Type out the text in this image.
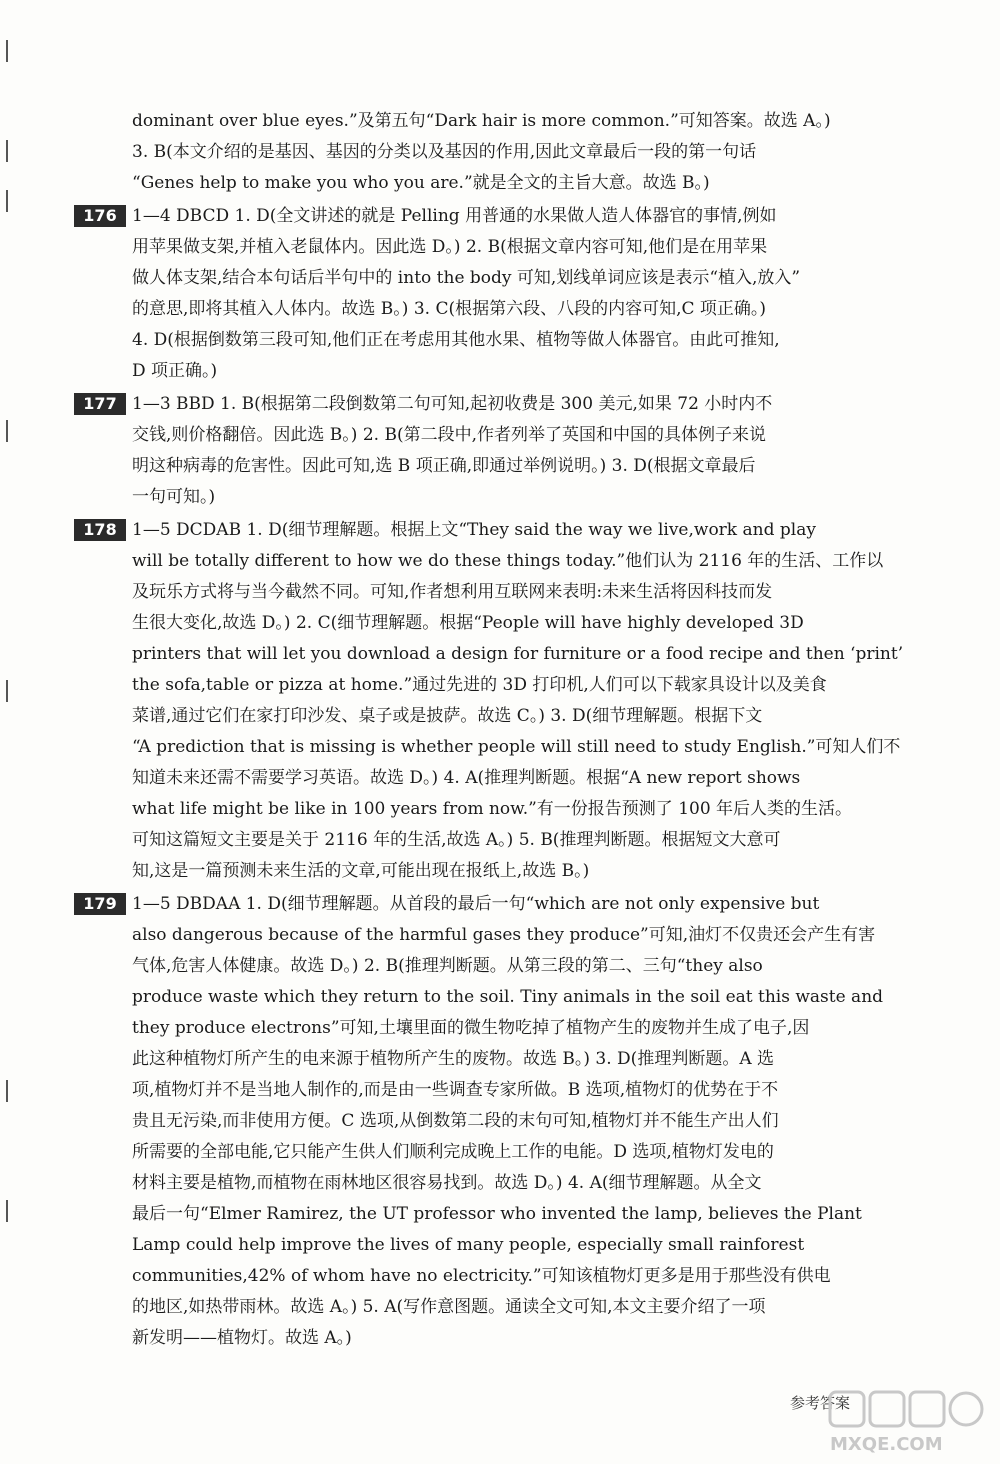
dominant over blue eyes.”及第五句“Dark hair is more common.”可知答案。故选 A。)
3. B(本文介绍的是基因、基因的分类以及基因的作用,因此文章最后一段的第一句话
“Genes help to make you who you are.”就是全文的主旨大意。故选 B。)
176 1—4 DBCD 1. D(全文讲述的就是 Pelling 用普通的水果做人造人体器官的事情,例如
用苹果做支架,并植入老鼠体内。因此选 D。) 2. B(根据文章内容可知,他们是在用苹果
做人体支架,结合本句话后半句中的 into the body 可知,划线单词应该是表示“植入,放入”
的意思,即将其植入人体内。故选 B。) 3. C(根据第六段、八段的内容可知,C 项正确。)
4. D(根据倒数第三段可知,他们正在考虑用其他水果、植物等做人体器官。由此可推知,
D 项正确。)
177 1—3 BBD 1. B(根据第二段倒数第二句可知,起初收费是 300 美元,如果 72 小时内不
交钱,则价格翻倍。因此选 B。) 2. B(第二段中,作者列举了英国和中国的具体例子来说
明这种病毒的危害性。因此可知,选 B 项正确,即通过举例说明。) 3. D(根据文章最后
一句可知。)
178 1—5 DCDAB 1. D(细节理解题。根据上文“They said the way we live,work and play
will be totally different to how we do these things today.”他们认为 2116 年的生活、工作以
及玩乐方式将与当今截然不同。可知,作者想利用互联网来表明:未来生活将因科技而发
生很大变化,故选 D。) 2. C(细节理解题。根据“People will have highly developed 3D
printers that will let you download a design for furniture or a food recipe and then ‘print’
the sofa,table or pizza at home.”通过先进的 3D 打印机,人们可以下载家具设计以及美食
菜谱,通过它们在家打印沙发、桌子或是披萨。故选 C。) 3. D(细节理解题。根据下文
“A prediction that is missing is whether people will still need to study English.”可知人们不
知道未来还需不需要学习英语。故选 D。) 4. A(推理判断题。根据“A new report shows
what life might be like in 100 years from now.”有一份报告预测了 100 年后人类的生活。
可知这篇短文主要是关于 2116 年的生活,故选 A。) 5. B(推理判断题。根据短文大意可
知,这是一篇预测未来生活的文章,可能出现在报纸上,故选 B。)
179 1—5 DBDAA 1. D(细节理解题。从首段的最后一句“which are not only expensive but
also dangerous because of the harmful gases they produce”可知,油灯不仅贵还会产生有害
气体,危害人体健康。故选 D。) 2. B(推理判断题。从第三段的第二、三句“they also
produce waste which they return to the soil. Tiny animals in the soil eat this waste and
they produce electrons”可知,土壤里面的微生物吃掉了植物产生的废物并生成了电子,因
此这种植物灯所产生的电来源于植物所产生的废物。故选 B。) 3. D(推理判断题。A 选
项,植物灯并不是当地人制作的,而是由一些调查专家所做。B 选项,植物灯的优势在于不
贵且无污染,而非使用方便。C 选项,从倒数第二段的末句可知,植物灯并不能生产出人们
所需要的全部电能,它只能产生供人们顺利完成晚上工作的电能。D 选项,植物灯发电的
材料主要是植物,而植物在雨林地区很容易找到。故选 D。) 4. A(细节理解题。从全文
最后一句“Elmer Ramirez, the UT professor who invented the lamp, believes the Plant
Lamp could help improve the lives of many people, especially small rainforest
communities,42% of whom have no electricity.”可知该植物灯更多是用于那些没有供电
的地区,如热带雨林。故选 A。) 5. A(写作意图题。通读全文可知,本文主要介绍了一项
新发明——植物灯。故选 A。)
参考答案
MXQE.COM
